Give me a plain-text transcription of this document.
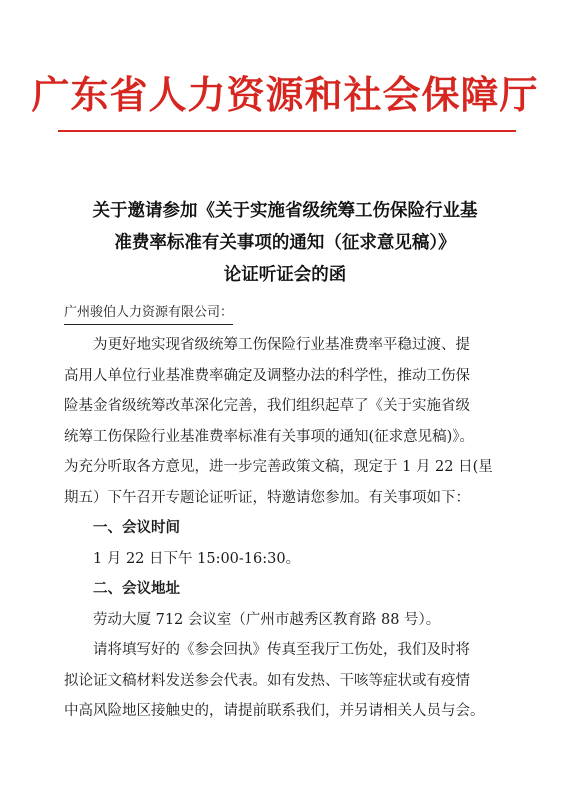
广东省人力资源和社会保障厅
关于邀请参加《关于实施省级统筹工伤保险行业基
准费率标准有关事项的通知（征求意见稿）》
论证听证会的函
广州骏伯人力资源有限公司：

为更好地实现省级统筹工伤保险行业基准费率平稳过渡、提

高用人单位行业基准费率确定及调整办法的科学性，推动工伤保

险基金省级统筹改革深化完善，我们组织起草了《关于实施省级

统筹工伤保险行业基准费率标准有关事项的通知(征求意见稿)》。

为充分听取各方意见，进一步完善政策文稿，现定于 1 月 22 日(星

期五）下午召开专题论证听证，特邀请您参加。有关事项如下：

一、会议时间

1 月 22 日下午 15:00-16:30。

二、会议地址

劳动大厦 712 会议室（广州市越秀区教育路 88 号）。

请将填写好的《参会回执》传真至我厅工伤处，我们及时将

拟论证文稿材料发送参会代表。如有发热、干咳等症状或有疫情

中高风险地区接触史的，请提前联系我们，并另请相关人员与会。
